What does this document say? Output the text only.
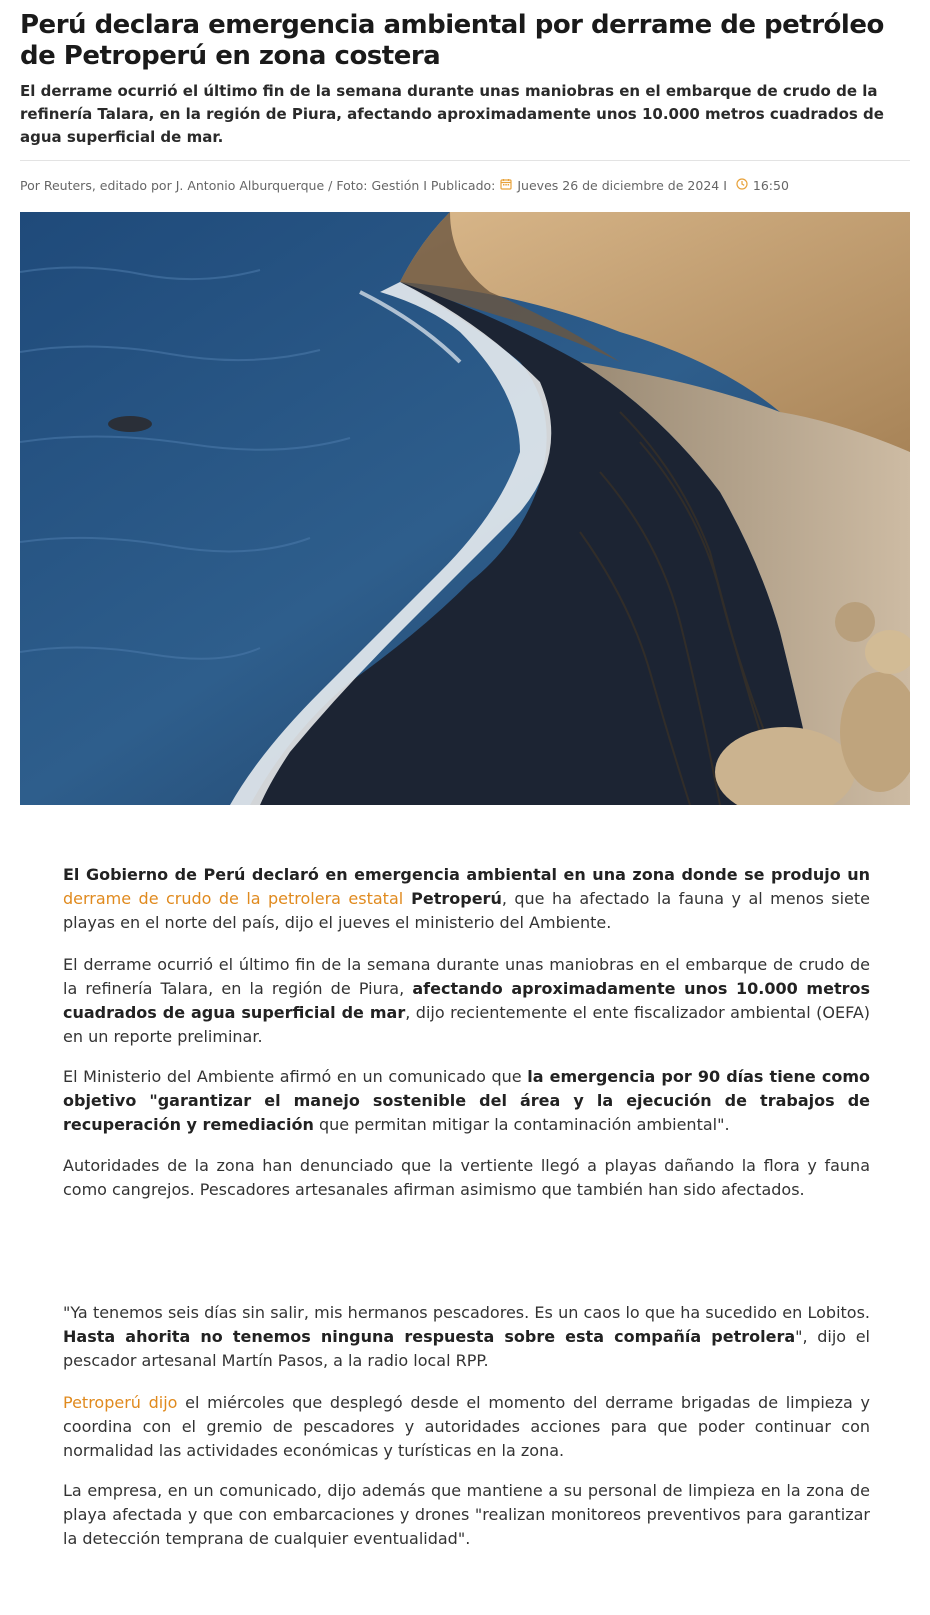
Perú declara emergencia ambiental por derrame de petróleo de Petroperú en zona costera

El derrame ocurrió el último fin de la semana durante unas maniobras en el embarque de crudo de la refinería Talara, en la región de Piura, afectando aproximadamente unos 10.000 metros cuadrados de agua superficial de mar.

Por Reuters, editado por J. Antonio Alburquerque / Foto: Gestión I Publicado: Jueves 26 de diciembre de 2024 I 16:50

El Gobierno de Perú declaró en emergencia ambiental en una zona donde se produjo un derrame de crudo de la petrolera estatal Petroperú, que ha afectado la fauna y al menos siete playas en el norte del país, dijo el jueves el ministerio del Ambiente.

El derrame ocurrió el último fin de la semana durante unas maniobras en el embarque de crudo de la refinería Talara, en la región de Piura, afectando aproximadamente unos 10.000 metros cuadrados de agua superficial de mar, dijo recientemente el ente fiscalizador ambiental (OEFA) en un reporte preliminar.

El Ministerio del Ambiente afirmó en un comunicado que la emergencia por 90 días tiene como objetivo "garantizar el manejo sostenible del área y la ejecución de trabajos de recuperación y remediación que permitan mitigar la contaminación ambiental".

Autoridades de la zona han denunciado que la vertiente llegó a playas dañando la flora y fauna como cangrejos. Pescadores artesanales afirman asimismo que también han sido afectados.

"Ya tenemos seis días sin salir, mis hermanos pescadores. Es un caos lo que ha sucedido en Lobitos. Hasta ahorita no tenemos ninguna respuesta sobre esta compañía petrolera", dijo el pescador artesanal Martín Pasos, a la radio local RPP.

Petroperú dijo el miércoles que desplegó desde el momento del derrame brigadas de limpieza y coordina con el gremio de pescadores y autoridades acciones para que poder continuar con normalidad las actividades económicas y turísticas en la zona.

La empresa, en un comunicado, dijo además que mantiene a su personal de limpieza en la zona de playa afectada y que con embarcaciones y drones "realizan monitoreos preventivos para garantizar la detección temprana de cualquier eventualidad".
